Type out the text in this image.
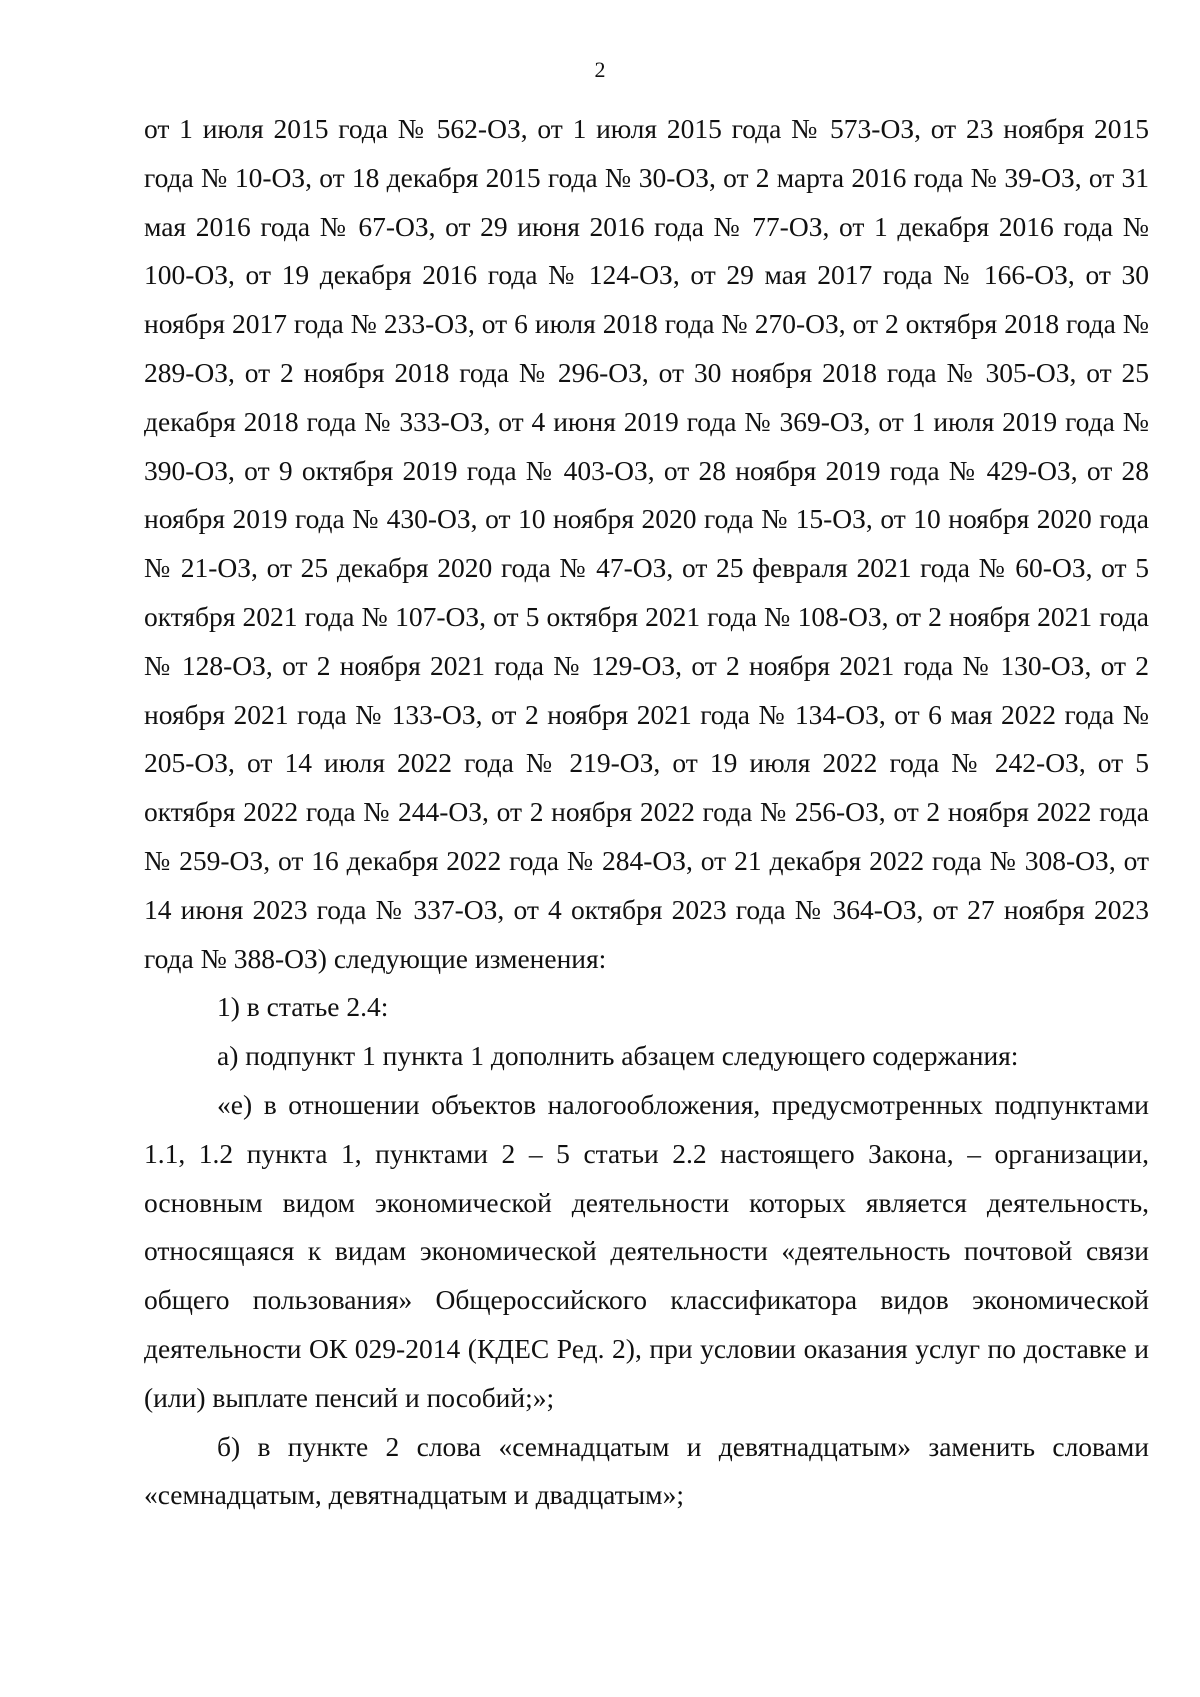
2

от 1 июля 2015 года № 562-ОЗ, от 1 июля 2015 года № 573-ОЗ, от 23 ноября 2015 года № 10-ОЗ, от 18 декабря 2015 года № 30-ОЗ, от 2 марта 2016 года № 39-ОЗ, от 31 мая 2016 года № 67-ОЗ, от 29 июня 2016 года № 77-ОЗ, от 1 декабря 2016 года № 100-ОЗ, от 19 декабря 2016 года № 124-ОЗ, от 29 мая 2017 года № 166-ОЗ, от 30 ноября 2017 года № 233-ОЗ, от 6 июля 2018 года № 270-ОЗ, от 2 октября 2018 года № 289-ОЗ, от 2 ноября 2018 года № 296-ОЗ, от 30 ноября 2018 года № 305-ОЗ, от 25 декабря 2018 года № 333-ОЗ, от 4 июня 2019 года № 369-ОЗ, от 1 июля 2019 года № 390-ОЗ, от 9 октября 2019 года № 403-ОЗ, от 28 ноября 2019 года № 429-ОЗ, от 28 ноября 2019 года № 430-ОЗ, от 10 ноября 2020 года № 15-ОЗ, от 10 ноября 2020 года № 21-ОЗ, от 25 декабря 2020 года № 47-ОЗ, от 25 февраля 2021 года № 60-ОЗ, от 5 октября 2021 года № 107-ОЗ, от 5 октября 2021 года № 108-ОЗ, от 2 ноября 2021 года № 128-ОЗ, от 2 ноября 2021 года № 129-ОЗ, от 2 ноября 2021 года № 130-ОЗ, от 2 ноября 2021 года № 133-ОЗ, от 2 ноября 2021 года № 134-ОЗ, от 6 мая 2022 года № 205-ОЗ, от 14 июля 2022 года № 219-ОЗ, от 19 июля 2022 года № 242-ОЗ, от 5 октября 2022 года № 244-ОЗ, от 2 ноября 2022 года № 256-ОЗ, от 2 ноября 2022 года № 259-ОЗ, от 16 декабря 2022 года № 284-ОЗ, от 21 декабря 2022 года № 308-ОЗ, от 14 июня 2023 года № 337-ОЗ, от 4 октября 2023 года № 364-ОЗ, от 27 ноября 2023 года № 388-ОЗ) следующие изменения:

1) в статье 2.4:

а) подпункт 1 пункта 1 дополнить абзацем следующего содержания:

«е) в отношении объектов налогообложения, предусмотренных подпунктами 1.1, 1.2 пункта 1, пунктами 2 – 5 статьи 2.2 настоящего Закона, – организации, основным видом экономической деятельности которых является деятельность, относящаяся к видам экономической деятельности «деятельность почтовой связи общего пользования» Общероссийского классификатора видов экономической деятельности ОК 029-2014 (КДЕС Ред. 2), при условии оказания услуг по доставке и (или) выплате пенсий и пособий;»;

б) в пункте 2 слова «семнадцатым и девятнадцатым» заменить словами «семнадцатым, девятнадцатым и двадцатым»;
